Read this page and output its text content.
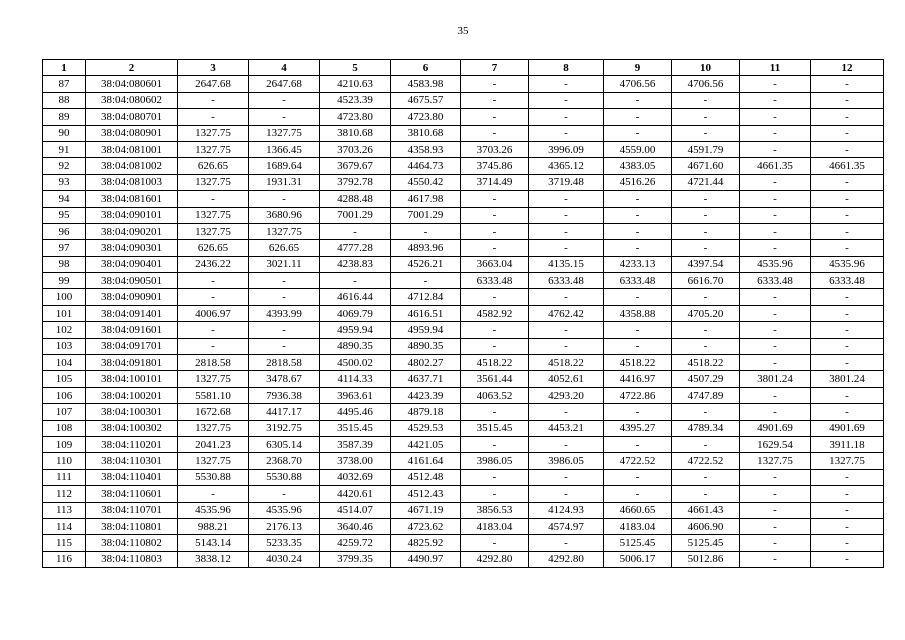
35
1	2	3	4	5	6	7	8	9	10	11	12
87	38:04:080601	2647.68	2647.68	4210.63	4583.98	-	-	4706.56	4706.56	-	-
88	38:04:080602	-	-	4523.39	4675.57	-	-	-	-	-	-
89	38:04:080701	-	-	4723.80	4723.80	-	-	-	-	-	-
90	38:04:080901	1327.75	1327.75	3810.68	3810.68	-	-	-	-	-	-
91	38:04:081001	1327.75	1366.45	3703.26	4358.93	3703.26	3996.09	4559.00	4591.79	-	-
92	38:04:081002	626.65	1689.64	3679.67	4464.73	3745.86	4365.12	4383.05	4671.60	4661.35	4661.35
93	38:04:081003	1327.75	1931.31	3792.78	4550.42	3714.49	3719.48	4516.26	4721.44	-	-
94	38:04:081601	-	-	4288.48	4617.98	-	-	-	-	-	-
95	38:04:090101	1327.75	3680.96	7001.29	7001.29	-	-	-	-	-	-
96	38:04:090201	1327.75	1327.75	-	-	-	-	-	-	-	-
97	38:04:090301	626.65	626.65	4777.28	4893.96	-	-	-	-	-	-
98	38:04:090401	2436.22	3021.11	4238.83	4526.21	3663.04	4135.15	4233.13	4397.54	4535.96	4535.96
99	38:04:090501	-	-	-	-	6333.48	6333.48	6333.48	6616.70	6333.48	6333.48
100	38:04:090901	-	-	4616.44	4712.84	-	-	-	-	-	-
101	38:04:091401	4006.97	4393.99	4069.79	4616.51	4582.92	4762.42	4358.88	4705.20	-	-
102	38:04:091601	-	-	4959.94	4959.94	-	-	-	-	-	-
103	38:04:091701	-	-	4890.35	4890.35	-	-	-	-	-	-
104	38:04:091801	2818.58	2818.58	4500.02	4802.27	4518.22	4518.22	4518.22	4518.22	-	-
105	38:04:100101	1327.75	3478.67	4114.33	4637.71	3561.44	4052.61	4416.97	4507.29	3801.24	3801.24
106	38:04:100201	5581.10	7936.38	3963.61	4423.39	4063.52	4293.20	4722.86	4747.89	-	-
107	38:04:100301	1672.68	4417.17	4495.46	4879.18	-	-	-	-	-	-
108	38:04:100302	1327.75	3192.75	3515.45	4529.53	3515.45	4453.21	4395.27	4789.34	4901.69	4901.69
109	38:04:110201	2041.23	6305.14	3587.39	4421.05	-	-	-	-	1629.54	3911.18
110	38:04:110301	1327.75	2368.70	3738.00	4161.64	3986.05	3986.05	4722.52	4722.52	1327.75	1327.75
111	38:04:110401	5530.88	5530.88	4032.69	4512.48	-	-	-	-	-	-
112	38:04:110601	-	-	4420.61	4512.43	-	-	-	-	-	-
113	38:04:110701	4535.96	4535.96	4514.07	4671.19	3856.53	4124.93	4660.65	4661.43	-	-
114	38:04:110801	988.21	2176.13	3640.46	4723.62	4183.04	4574.97	4183.04	4606.90	-	-
115	38:04:110802	5143.14	5233.35	4259.72	4825.92	-	-	5125.45	5125.45	-	-
116	38:04:110803	3838.12	4030.24	3799.35	4490.97	4292.80	4292.80	5006.17	5012.86	-	-
